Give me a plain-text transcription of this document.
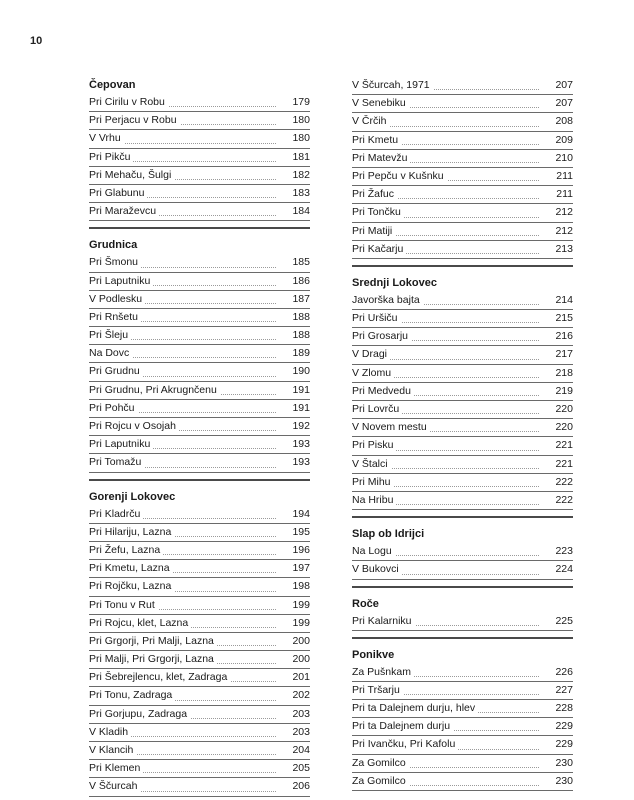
10
Čepovan
Pri Cirilu v Robu	179
Pri Perjacu v Robu	180
V Vrhu	180
Pri Pikču	181
Pri Mehaču, Šulgi	182
Pri Glabunu	183
Pri Maraževcu	184
Grudnica
Pri Šmonu	185
Pri Laputniku	186
V Podlesku	187
Pri Rnšetu	188
Pri Šleju	188
Na Dovc	189
Pri Grudnu	190
Pri Grudnu, Pri Akrugnčenu	191
Pri Pohču	191
Pri Rojcu v Osojah	192
Pri Laputniku	193
Pri Tomažu	193
Gorenji Lokovec
Pri Kladrču	194
Pri Hilariju, Lazna	195
Pri Žefu, Lazna	196
Pri Kmetu, Lazna	197
Pri Rojčku, Lazna	198
Pri Tonu v Rut	199
Pri Rojcu, klet, Lazna	199
Pri Grgorji, Pri Malji, Lazna	200
Pri Malji, Pri Grgorji, Lazna	200
Pri Šebrejlencu, klet, Zadraga	201
Pri Tonu, Zadraga	202
Pri Gorjupu, Zadraga	203
V Kladih	203
V Klancih	204
Pri Klemen	205
V Ščurcah	206
V Ščurcah, 1971	207
V Senebiku	207
V Črčih	208
Pri Kmetu	209
Pri Matevžu	210
Pri Pepču v Kušnku	211
Pri Žafuc	211
Pri Tončku	212
Pri Matiji	212
Pri Kačarju	213
Srednji Lokovec
Javorška bajta	214
Pri Uršiču	215
Pri Grosarju	216
V Dragi	217
V Zlomu	218
Pri Medvedu	219
Pri Lovrču	220
V Novem mestu	220
Pri Pisku	221
V Štalci	221
Pri Mihu	222
Na Hribu	222
Slap ob Idrijci
Na Logu	223
V Bukovci	224
Roče
Pri Kalarniku	225
Ponikve
Za Pušnkam	226
Pri Tršarju	227
Pri ta Dalejnem durju, hlev	228
Pri ta Dalejnem durju	229
Pri Ivančku, Pri Kafolu	229
Za Gomilco	230
Za Gomilco	230
